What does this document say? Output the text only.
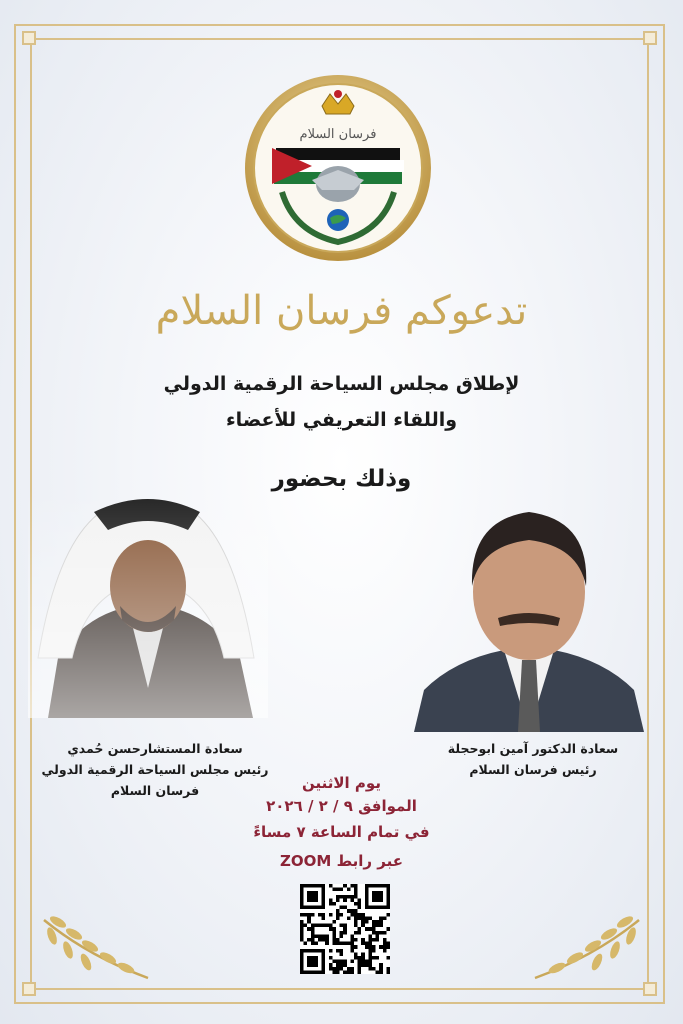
فرسان السلام
تدعوكم فرسان السلام
لإطلاق مجلس السياحة الرقمية الدولي
واللقاء التعريفي للأعضاء
وذلك بحضور
سعادة المستشارحسن حُمدي
رئيس مجلس السياحة الرقمية الدولي
فرسان السلام
سعادة الدكتور آمين ابوحجلة
رئيس فرسان السلام
يوم الاثنين
الموافق ٩ / ٢ / ٢٠٢٦
في تمام الساعة ٧ مساءً
عبر رابط ZOOM
